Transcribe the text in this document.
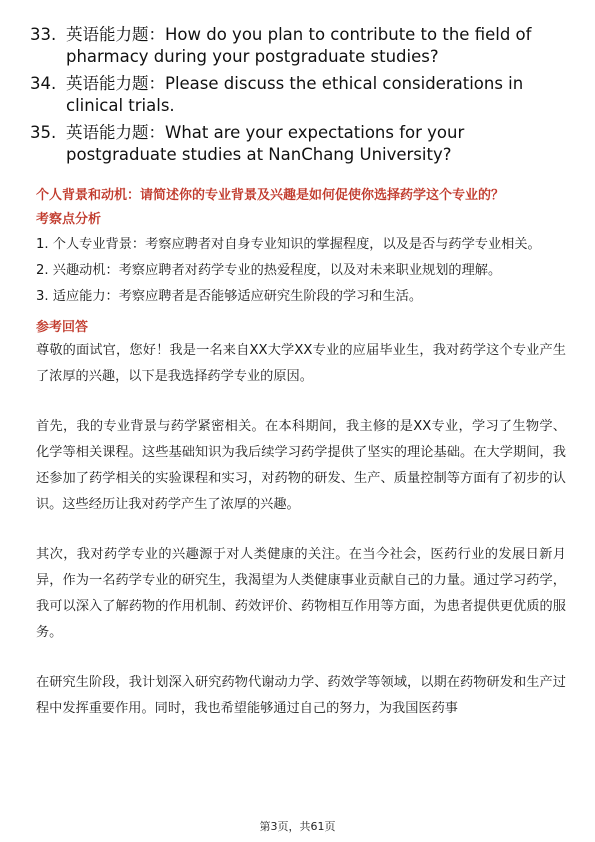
33. 英语能力题：How do you plan to contribute to the field of pharmacy during your postgraduate studies?
34. 英语能力题：Please discuss the ethical considerations in clinical trials.
35. 英语能力题：What are your expectations for your postgraduate studies at NanChang University?

个人背景和动机：请简述你的专业背景及兴趣是如何促使你选择药学这个专业的？

考察点分析

1. 个人专业背景：考察应聘者对自身专业知识的掌握程度，以及是否与药学专业相关。

2. 兴趣动机：考察应聘者对药学专业的热爱程度，以及对未来职业规划的理解。

3. 适应能力：考察应聘者是否能够适应研究生阶段的学习和生活。

参考回答

尊敬的面试官，您好！我是一名来自XX大学XX专业的应届毕业生，我对药学这个专业产生了浓厚的兴趣，以下是我选择药学专业的原因。

首先，我的专业背景与药学紧密相关。在本科期间，我主修的是XX专业，学习了生物学、化学等相关课程。这些基础知识为我后续学习药学提供了坚实的理论基础。在大学期间，我还参加了药学相关的实验课程和实习，对药物的研发、生产、质量控制等方面有了初步的认识。这些经历让我对药学产生了浓厚的兴趣。

其次，我对药学专业的兴趣源于对人类健康的关注。在当今社会，医药行业的发展日新月异，作为一名药学专业的研究生，我渴望为人类健康事业贡献自己的力量。通过学习药学，我可以深入了解药物的作用机制、药效评价、药物相互作用等方面，为患者提供更优质的服务。

在研究生阶段，我计划深入研究药物代谢动力学、药效学等领域，以期在药物研发和生产过程中发挥重要作用。同时，我也希望能够通过自己的努力，为我国医药事

第3页，共61页
